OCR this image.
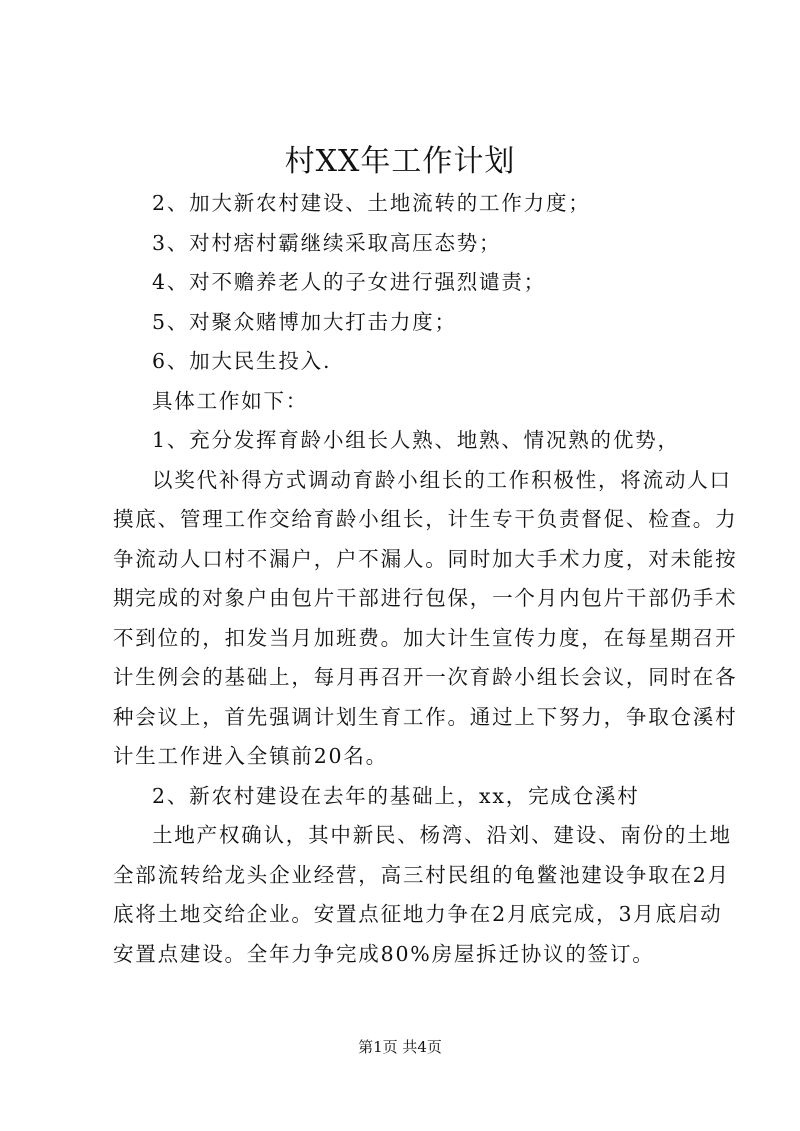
村XX年工作计划

2、加大新农村建设、土地流转的工作力度；

3、对村痞村霸继续采取高压态势；

4、对不赡养老人的子女进行强烈谴责；

5、对聚众赌博加大打击力度；

6、加大民生投入.

具体工作如下：

1、充分发挥育龄小组长人熟、地熟、情况熟的优势，

以奖代补得方式调动育龄小组长的工作积极性，将流动人口

摸底、管理工作交给育龄小组长，计生专干负责督促、检查。力

争流动人口村不漏户，户不漏人。同时加大手术力度，对未能按

期完成的对象户由包片干部进行包保，一个月内包片干部仍手术

不到位的，扣发当月加班费。加大计生宣传力度，在每星期召开

计生例会的基础上，每月再召开一次育龄小组长会议，同时在各

种会议上，首先强调计划生育工作。通过上下努力，争取仓溪村

计生工作进入全镇前20名。

2、新农村建设在去年的基础上，xx，完成仓溪村

土地产权确认，其中新民、杨湾、沿刘、建设、南份的土地

全部流转给龙头企业经营，高三村民组的龟鳖池建设争取在2月

底将土地交给企业。安置点征地力争在2月底完成，3月底启动

安置点建设。全年力争完成80%房屋拆迁协议的签订。

第1页 共4页
